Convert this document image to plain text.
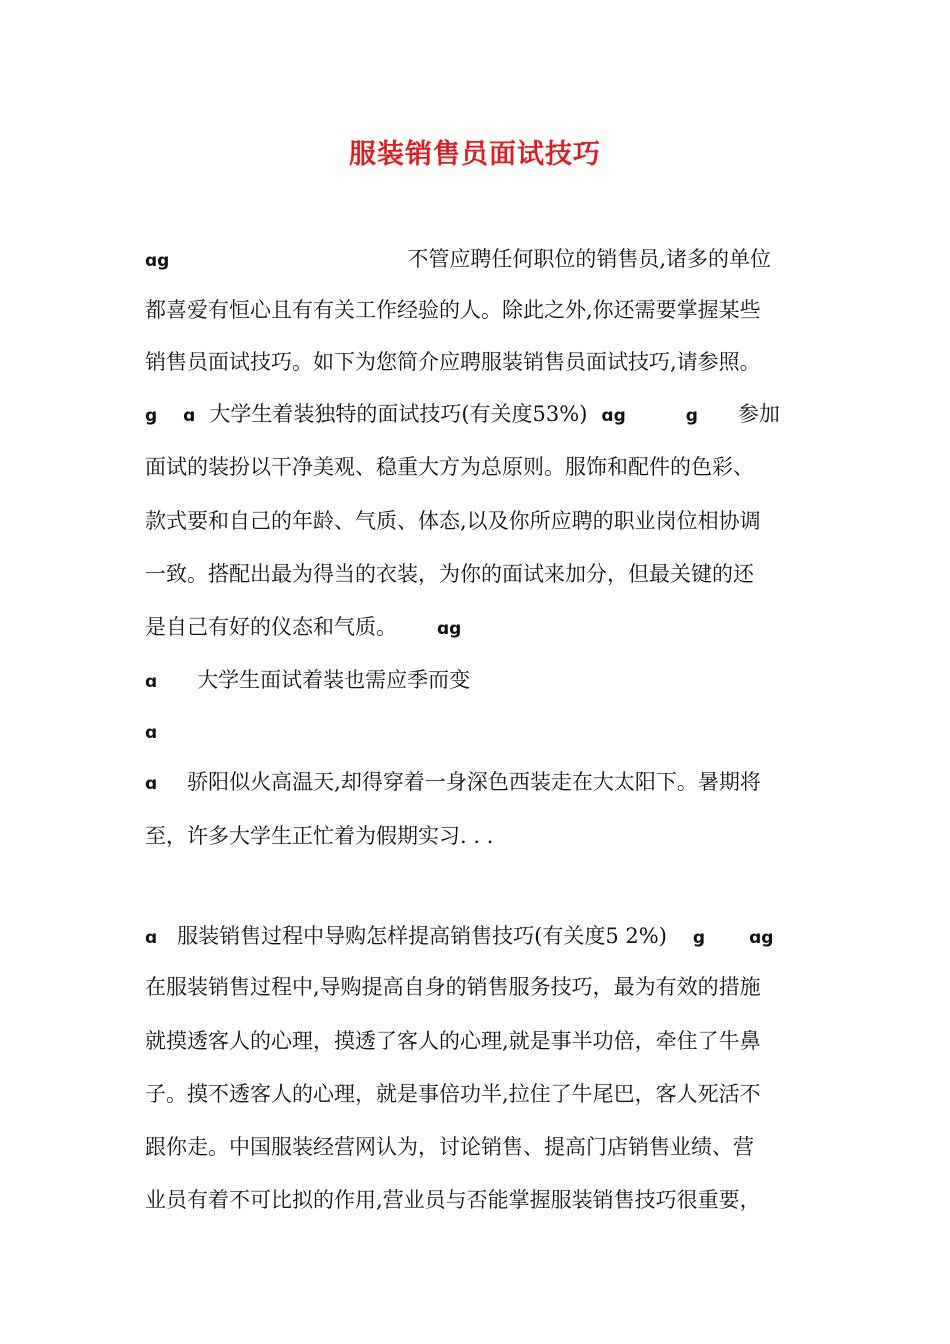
服装销售员面试技巧
ɑg	不管应聘任何职位的销售员,诸多的单位
都喜爱有恒心且有有关工作经验的人。除此之外,你还需要掌握某些
销售员面试技巧。如下为您简介应聘服装销售员面试技巧,请参照。
g ɑ 大学生着装独特的面试技巧(有关度53%) ɑg	g 参加
面试的装扮以干净美观、稳重大方为总原则。服饰和配件的色彩、
款式要和自己的年龄、气质、体态,以及你所应聘的职业岗位相协调
一致。搭配出最为得当的衣装，为你的面试来加分，但最关键的还
是自己有好的仪态和气质。 ɑg
ɑ 大学生面试着装也需应季而变
ɑ
ɑ 骄阳似火高温天,却得穿着一身深色西装走在大太阳下。暑期将
至，许多大学生正忙着为假期实习. . .
ɑ 服装销售过程中导购怎样提高销售技巧(有关度5 2%) g	ɑg
在服装销售过程中,导购提高自身的销售服务技巧，最为有效的措施
就摸透客人的心理，摸透了客人的心理,就是事半功倍，牵住了牛鼻
子。摸不透客人的心理，就是事倍功半,拉住了牛尾巴，客人死活不
跟你走。中国服装经营网认为，讨论销售、提高门店销售业绩、营
业员有着不可比拟的作用,营业员与否能掌握服装销售技巧很重要，
